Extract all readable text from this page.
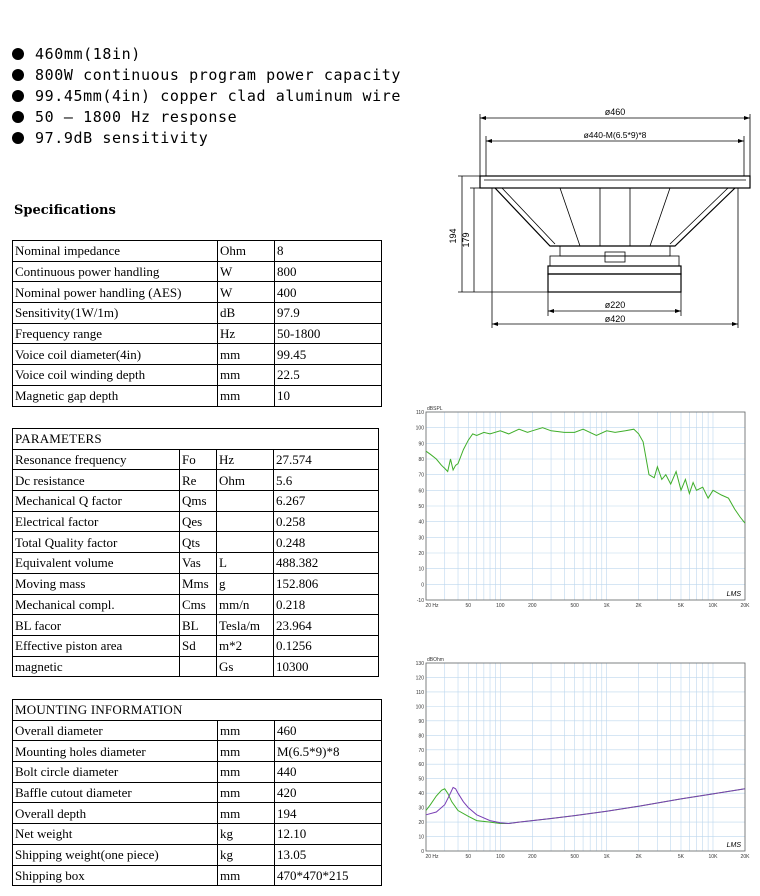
460mm(18in)
800W continuous program power capacity
99.45mm(4in) copper clad aluminum wire
50 — 1800 Hz response
97.9dB sensitivity
Specifications
Nominal impedance	Ohm	8
Continuous power handling	W	800
Nominal power handling (AES)	W	400
Sensitivity(1W/1m)	dB	97.9
Frequency range	Hz	50-1800
Voice coil diameter(4in)	mm	99.45
Voice coil winding depth	mm	22.5
Magnetic gap depth	mm	10
PARAMETERS			
Resonance frequency	Fo	Hz	27.574
Dc resistance	Re	Ohm	5.6
Mechanical Q factor	Qms		6.267
Electrical factor	Qes		0.258
Total Quality factor	Qts		0.248
Equivalent volume	Vas	L	488.382
Moving mass	Mms	g	152.806
Mechanical compl.	Cms	mm/n	0.218
BL facor	BL	Tesla/m	23.964
Effective piston area	Sd	m*2	0.1256
magnetic		Gs	10300
MOUNTING INFORMATION		
Overall diameter	mm	460
Mounting holes diameter	mm	M(6.5*9)*8
Bolt circle diameter	mm	440
Baffle cutout diameter	mm	420
Overall depth	mm	194
Net weight	kg	12.10
Shipping weight(one piece)	kg	13.05
Shipping box	mm	470*470*215
ø460
ø440-M(6.5*9)*8
194 179
ø220
ø420
110
100
90
80
70
60
50
40
30
20
10
0
-10
dBSPL
20 Hz	50	100	200	500	1K	2K	5K	10K	20K
LMS
130
120
110
100
90
80
70
60
50
40
30
20
10
0
dBOhm
20 Hz	50	100	200	500	1K	2K	5K	10K	20K
LMS
